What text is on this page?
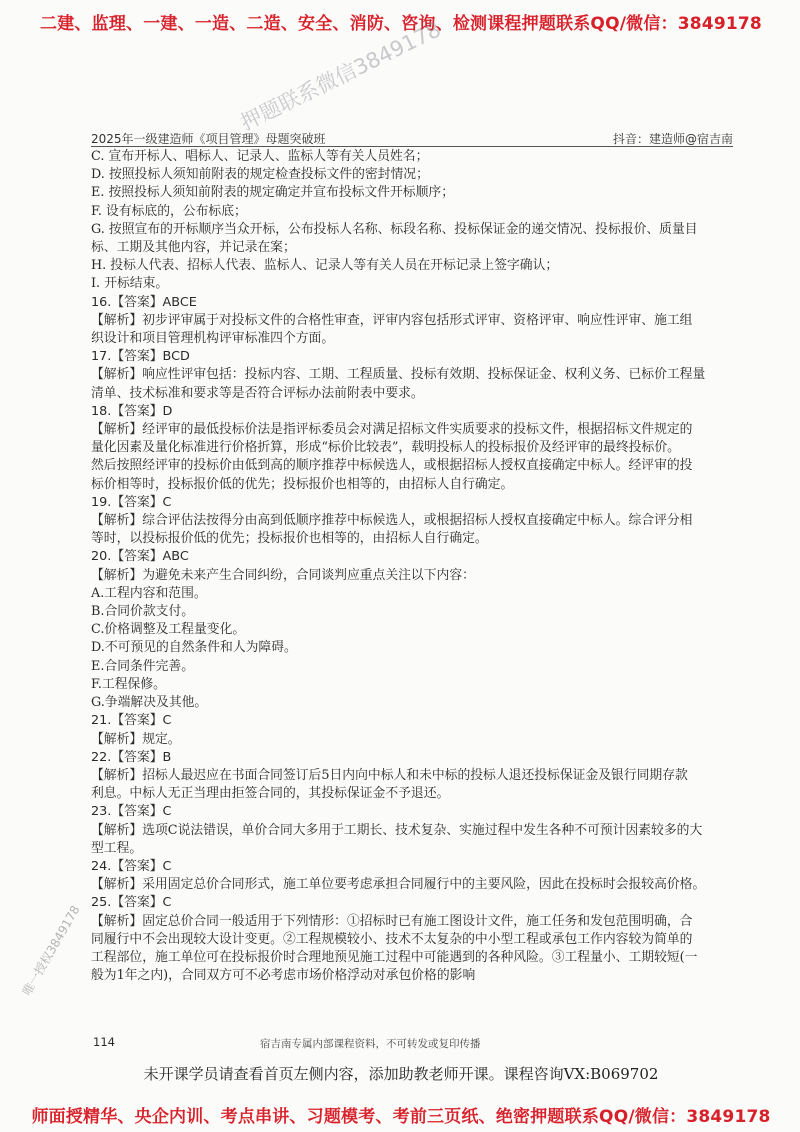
二建、监理、一建、一造、二造、安全、消防、咨询、检测课程押题联系QQ/微信：3849178
押题联系微信3849178
2025年一级建造师《项目管理》母题突破班	抖音：建造师@宿吉南

C. 宣布开标人、唱标人、记录人、监标人等有关人员姓名；

D. 按照投标人须知前附表的规定检查投标文件的密封情况；

E. 按照投标人须知前附表的规定确定并宣布投标文件开标顺序；

F. 设有标底的，公布标底；

G. 按照宣布的开标顺序当众开标，公布投标人名称、标段名称、投标保证金的递交情况、投标报价、质量目

标、工期及其他内容，并记录在案；

H. 投标人代表、招标人代表、监标人、记录人等有关人员在开标记录上签字确认；

I. 开标结束。

16.【答案】ABCE

【解析】初步评审属于对投标文件的合格性审查，评审内容包括形式评审、资格评审、响应性评审、施工组

织设计和项目管理机构评审标准四个方面。

17.【答案】BCD

【解析】响应性评审包括：投标内容、工期、工程质量、投标有效期、投标保证金、权利义务、已标价工程量

清单、技术标准和要求等是否符合评标办法前附表中要求。

18.【答案】D

【解析】经评审的最低投标价法是指评标委员会对满足招标文件实质要求的投标文件，根据招标文件规定的

量化因素及量化标准进行价格折算，形成“标价比较表”，载明投标人的投标报价及经评审的最终投标价。

然后按照经评审的投标价由低到高的顺序推荐中标候选人，或根据招标人授权直接确定中标人。经评审的投

标价相等时，投标报价低的优先；投标报价也相等的，由招标人自行确定。

19.【答案】C

【解析】综合评估法按得分由高到低顺序推荐中标候选人，或根据招标人授权直接确定中标人。综合评分相

等时，以投标报价低的优先；投标报价也相等的，由招标人自行确定。

20.【答案】ABC

【解析】为避免未来产生合同纠纷，合同谈判应重点关注以下内容：

A.工程内容和范围。

B.合同价款支付。

C.价格调整及工程量变化。

D.不可预见的自然条件和人为障碍。

E.合同条件完善。

F.工程保修。

G.争端解决及其他。

21.【答案】C

【解析】规定。

22.【答案】B

【解析】招标人最迟应在书面合同签订后5日内向中标人和未中标的投标人退还投标保证金及银行同期存款

利息。中标人无正当理由拒签合同的，其投标保证金不予退还。

23.【答案】C

【解析】选项C说法错误，单价合同大多用于工期长、技术复杂、实施过程中发生各种不可预计因素较多的大

型工程。

24.【答案】C

【解析】采用固定总价合同形式，施工单位要考虑承担合同履行中的主要风险，因此在投标时会报较高价格。

25.【答案】C

【解析】固定总价合同一般适用于下列情形：①招标时已有施工图设计文件，施工任务和发包范围明确，合

同履行中不会出现较大设计变更。②工程规模较小、技术不太复杂的中小型工程或承包工作内容较为简单的

工程部位，施工单位可在投标报价时合理地预见施工过程中可能遇到的各种风险。③工程量小、工期较短(一

般为1年之内)，合同双方可不必考虑市场价格浮动对承包价格的影响

唯一授权3849178
114	宿吉南专属内部课程资料，不可转发或复印传播
未开课学员请查看首页左侧内容，添加助教老师开课。课程咨询VX:B069702
师面授精华、央企内训、考点串讲、习题模考、考前三页纸、绝密押题联系QQ/微信：3849178
